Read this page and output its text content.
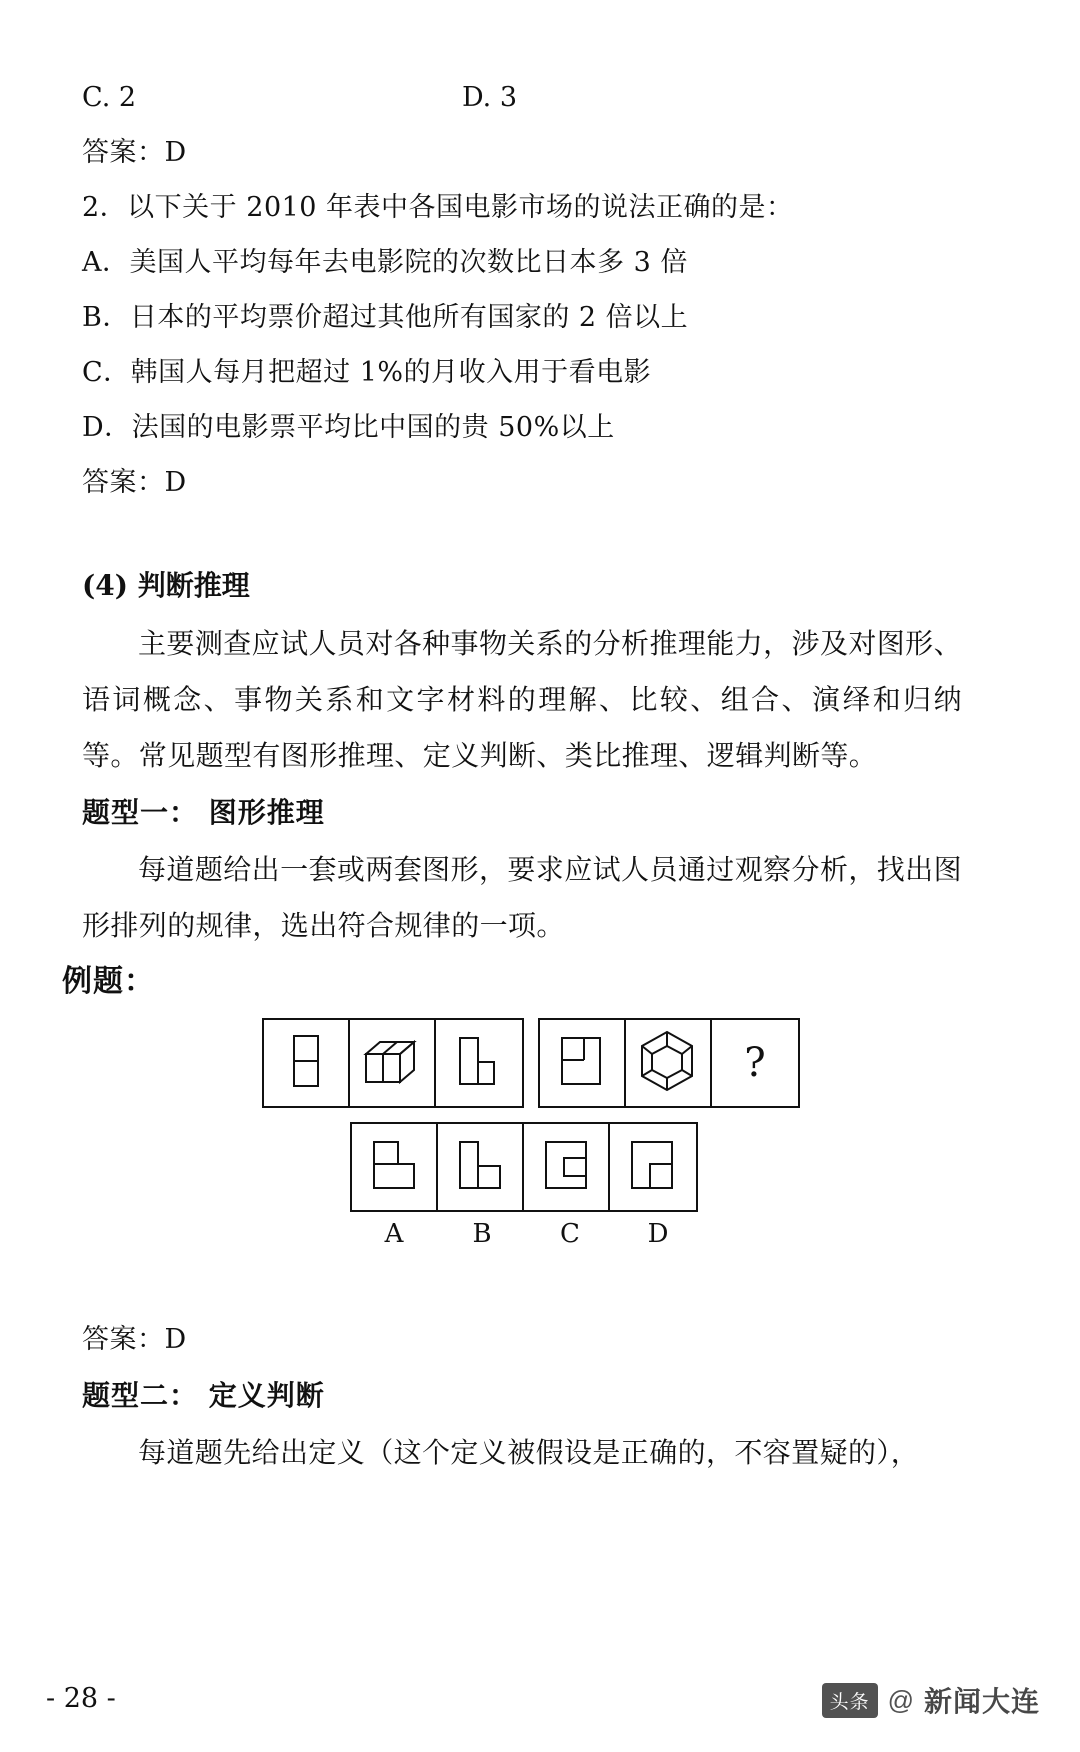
C. 2	D. 3
答案：D
2．以下关于 2010 年表中各国电影市场的说法正确的是：
A．美国人平均每年去电影院的次数比日本多 3 倍
B．日本的平均票价超过其他所有国家的 2 倍以上
C．韩国人每月把超过 1%的月收入用于看电影
D．法国的电影票平均比中国的贵 50%以上
答案：D
(4) 判断推理
主要测查应试人员对各种事物关系的分析推理能力，涉及对图形、语词概念、事物关系和文字材料的理解、比较、组合、演绎和归纳等。常见题型有图形推理、定义判断、类比推理、逻辑判断等。
题型一： 图形推理
每道题给出一套或两套图形，要求应试人员通过观察分析，找出图形排列的规律，选出符合规律的一项。
例题：
?
A	B	C	D
答案：D
题型二： 定义判断
每道题先给出定义（这个定义被假设是正确的，不容置疑的），
- 28 -	头条 @ 新闻大连
